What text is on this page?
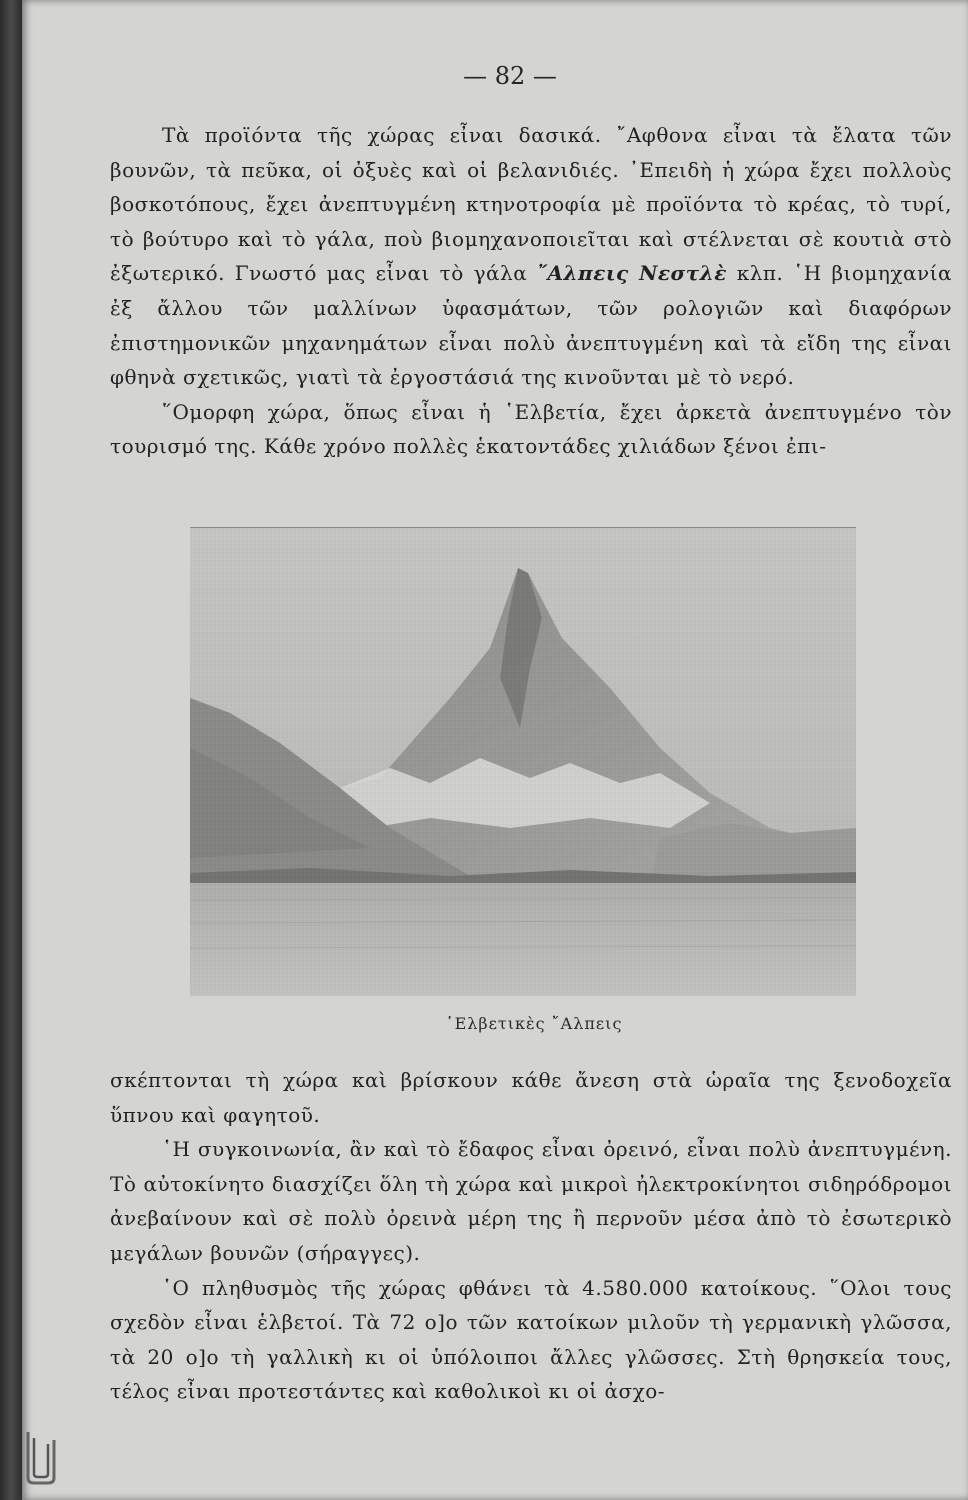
— 82 —

Τὰ προϊόντα τῆς χώρας εἶναι δασικά. ῎Αφθονα εἶναι τὰ ἔλατα τῶν βουνῶν, τὰ πεῦκα, οἱ ὀξυὲς καὶ οἱ βελανιδιές. ᾿Επειδὴ ἡ χώρα ἔχει πολλοὺς βοσκοτόπους, ἔχει ἀνεπτυγμένη κτηνοτροφία μὲ προϊόντα τὸ κρέας, τὸ τυρί, τὸ βούτυρο καὶ τὸ γάλα, ποὺ βιομηχανοποιεῖται καὶ στέλνεται σὲ κουτιὰ στὸ ἐξωτερικό. Γνωστό μας εἶναι τὸ γάλα ῎Αλπεις Νεστλὲ κλπ. ῾Η βιομηχανία ἐξ ἄλλου τῶν μαλλίνων ὑφασμάτων, τῶν ρολογιῶν καὶ διαφόρων ἐπιστημονικῶν μηχανημάτων εἶναι πολὺ ἀνεπτυγμένη καὶ τὰ εἴδη της εἶναι φθηνὰ σχετικῶς, γιατὶ τὰ ἐργοστάσιά της κινοῦνται μὲ τὸ νερό.

῞Ομορφη χώρα, ὅπως εἶναι ἡ ῾Ελβετία, ἔχει ἀρκετὰ ἀνεπτυγμένο τὸν τουρισμό της. Κάθε χρόνο πολλὲς ἑκατοντάδες χιλιάδων ξένοι ἐπι-

῾Ελβετικὲς ῎Αλπεις

σκέπτονται τὴ χώρα καὶ βρίσκουν κάθε ἄνεση στὰ ὡραῖα της ξενοδοχεῖα ὕπνου καὶ φαγητοῦ.

῾Η συγκοινωνία, ἂν καὶ τὸ ἔδαφος εἶναι ὀρεινό, εἶναι πολὺ ἀνεπτυγμένη. Τὸ αὐτοκίνητο διασχίζει ὅλη τὴ χώρα καὶ μικροὶ ἠλεκτροκίνητοι σιδηρόδρομοι ἀνεβαίνουν καὶ σὲ πολὺ ὀρεινὰ μέρη της ἢ περνοῦν μέσα ἀπὸ τὸ ἐσωτερικὸ μεγάλων βουνῶν (σήραγγες).

῾Ο πληθυσμὸς τῆς χώρας φθάνει τὰ 4.580.000 κατοίκους. ῞Ολοι τους σχεδὸν εἶναι ἑλβετοί. Τὰ 72 ο]ο τῶν κατοίκων μιλοῦν τὴ γερμανικὴ γλῶσσα, τὰ 20 ο]ο τὴ γαλλικὴ κι οἱ ὑπόλοιποι ἄλλες γλῶσσες. Στὴ θρησκεία τους, τέλος εἶναι προτεστάντες καὶ καθολικοὶ κι οἱ ἀσχο-
